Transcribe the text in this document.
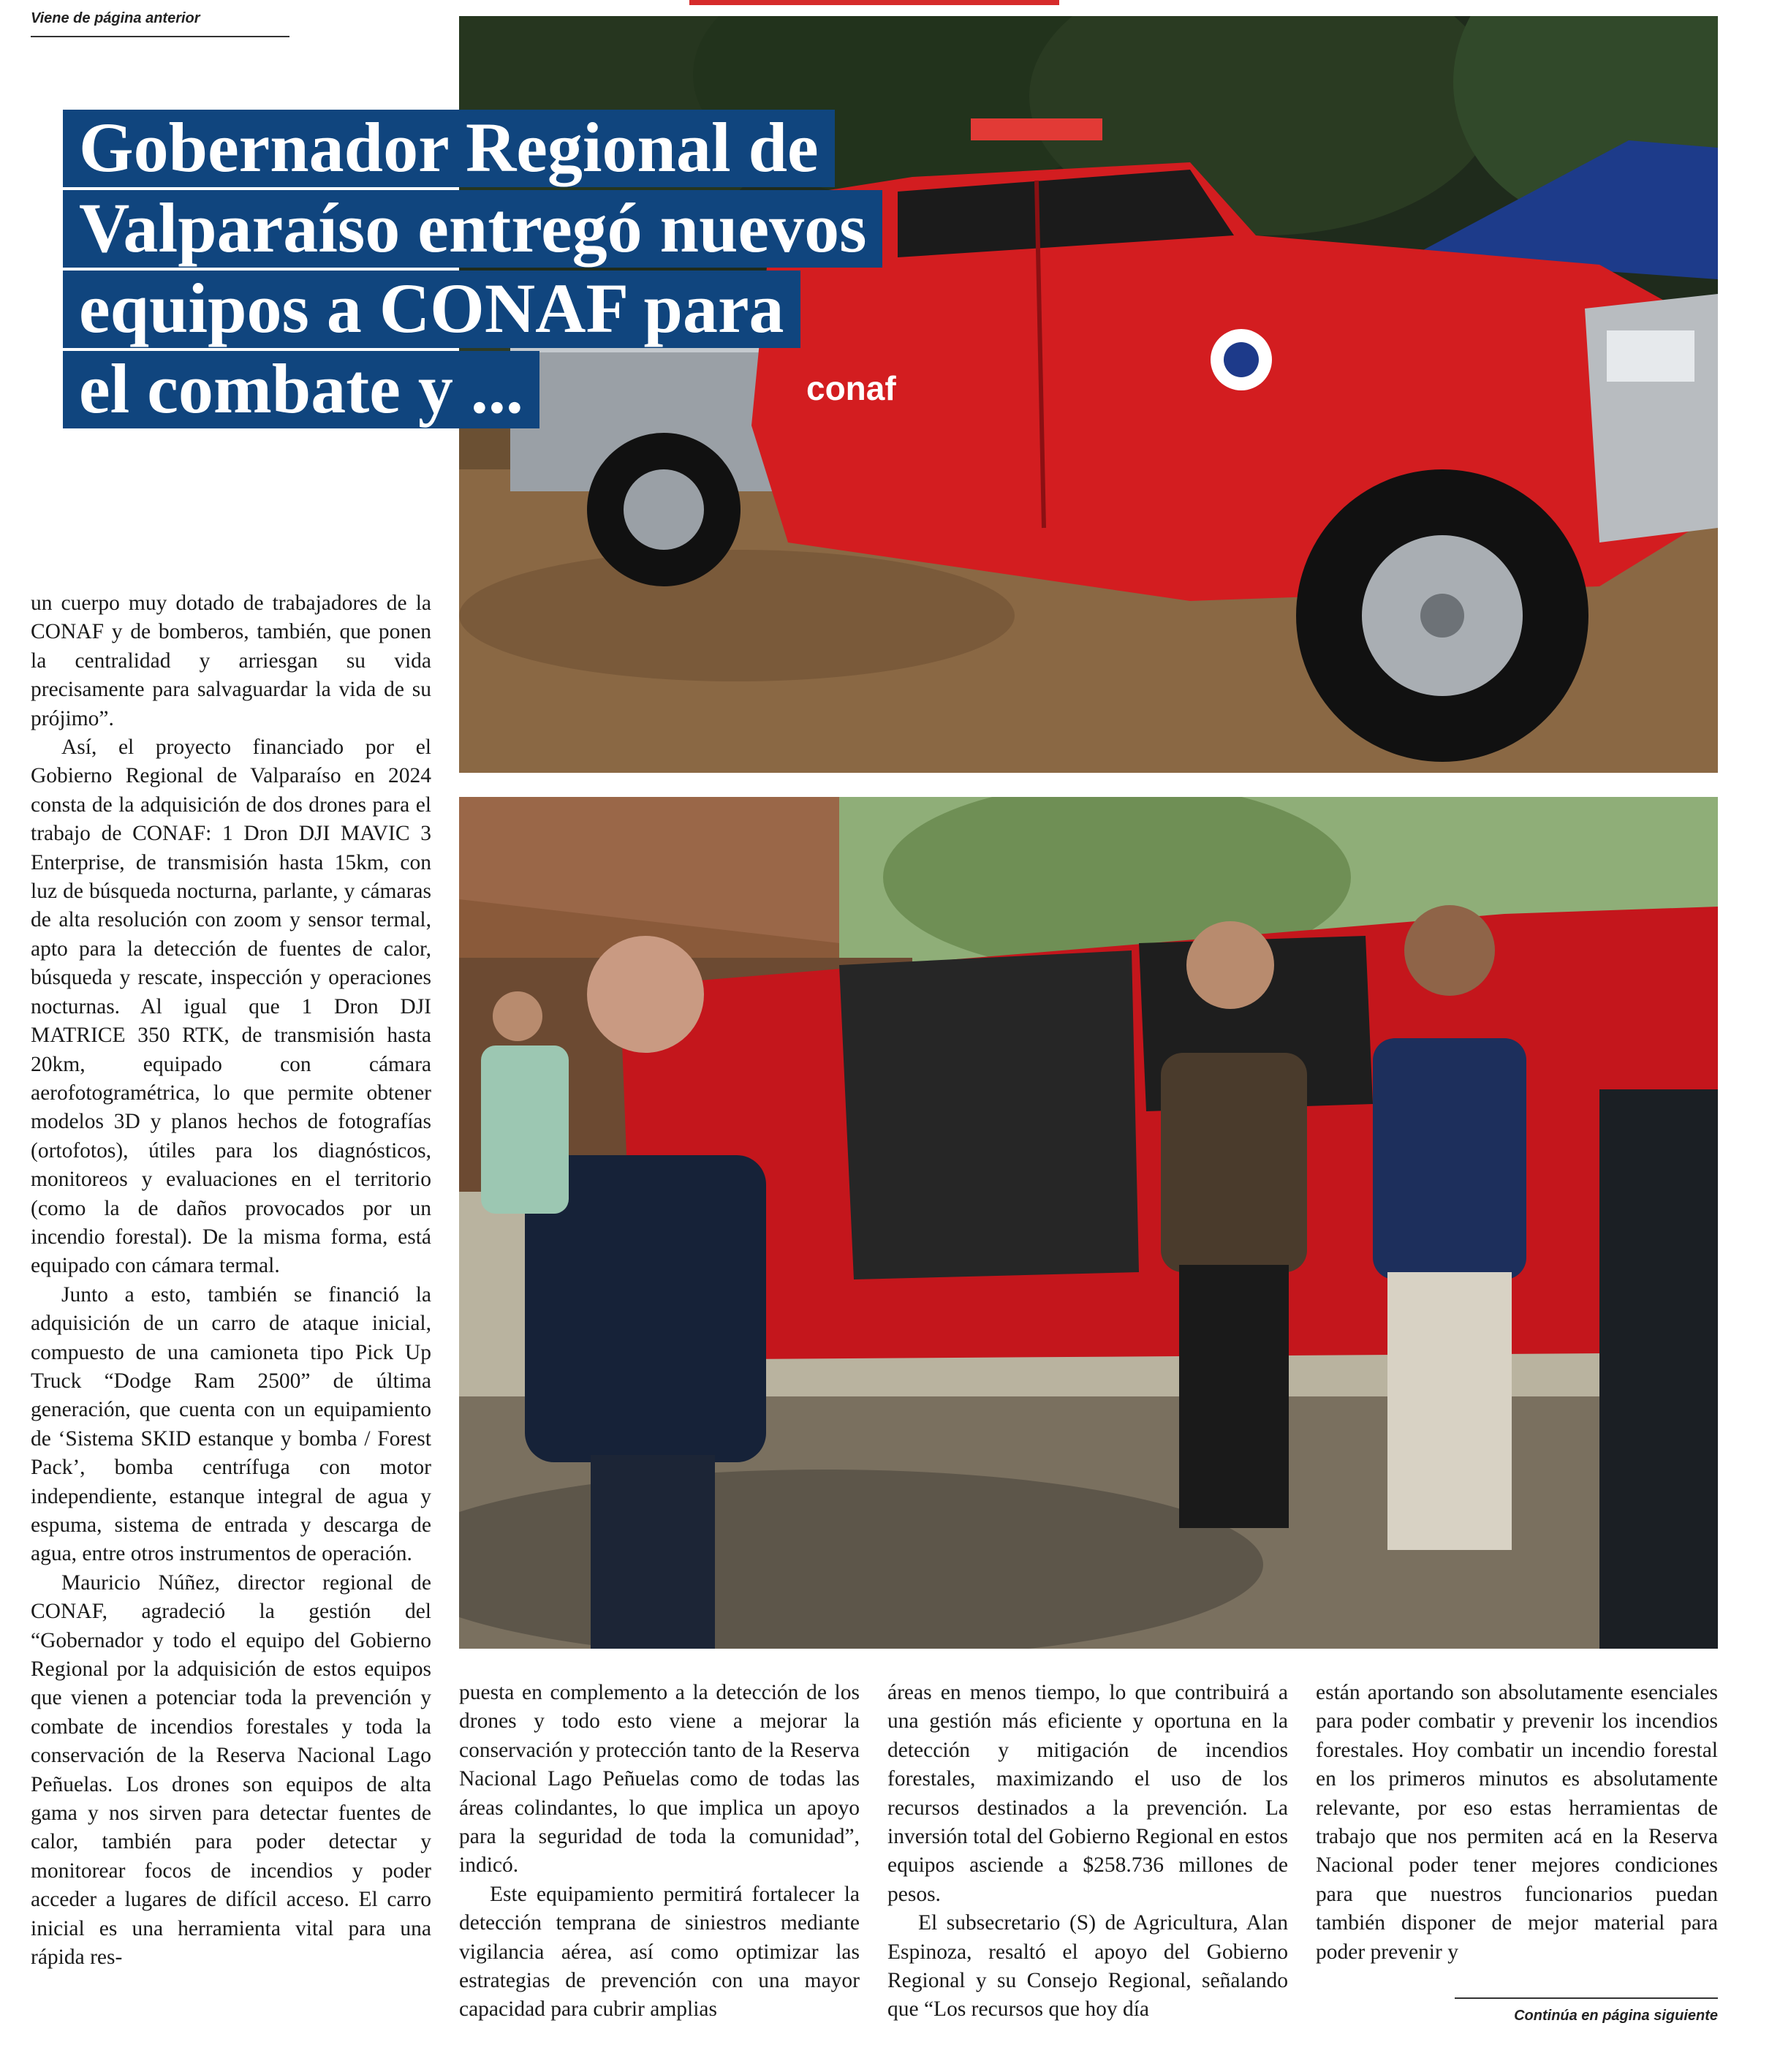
Viene de página anterior
conaf
Gobernador Regional de
Valparaíso entregó nuevos
equipos a CONAF para
el combate y ...

un cuerpo muy dotado de trabajadores de la CONAF y de bomberos, también, que ponen la centralidad y arriesgan su vida precisamente para salvaguardar la vida de su prójimo”.

Así, el proyecto financiado por el Gobierno Regional de Valparaíso en 2024 consta de la adquisición de dos drones para el trabajo de CONAF: 1 Dron DJI MAVIC 3 Enterprise, de transmisión hasta 15km, con luz de búsqueda nocturna, parlante, y cámaras de alta resolución con zoom y sensor termal, apto para la detección de fuentes de calor, búsqueda y rescate, inspección y operaciones nocturnas. Al igual que 1 Dron DJI MATRICE 350 RTK, de transmisión hasta 20km, equipado con cámara aerofotogramétrica, lo que permite obtener modelos 3D y planos hechos de fotografías (ortofotos), útiles para los diagnósticos, monitoreos y evaluaciones en el territorio (como la de daños provocados por un incendio forestal). De la misma forma, está equipado con cámara termal.

Junto a esto, también se financió la adquisición de un carro de ataque inicial, compuesto de una camioneta tipo Pick Up Truck “Dodge Ram 2500” de última generación, que cuenta con un equipamiento de ‘Sistema SKID estanque y bomba / Forest Pack’, bomba centrífuga con motor independiente, estanque integral de agua y espuma, sistema de entrada y descarga de agua, entre otros instrumentos de operación.

Mauricio Núñez, director regional de CONAF, agradeció la gestión del “Gobernador y todo el equipo del Gobierno Regional por la adquisición de estos equipos que vienen a potenciar toda la prevención y combate de incendios forestales y toda la conservación de la Reserva Nacional Lago Peñuelas. Los drones son equipos de alta gama y nos sirven para detectar fuentes de calor, también para poder detectar y monitorear focos de incendios y poder acceder a lugares de difícil acceso. El carro inicial es una herramienta vital para una rápida res-

puesta en complemento a la detección de los drones y todo esto viene a mejorar la conservación y protección tanto de la Reserva Nacional Lago Peñuelas como de todas las áreas colindantes, lo que implica un apoyo para la seguridad de toda la comunidad”, indicó.

Este equipamiento permitirá fortalecer la detección temprana de siniestros mediante vigilancia aérea, así como optimizar las estrategias de prevención con una mayor capacidad para cubrir amplias

áreas en menos tiempo, lo que contribuirá a una gestión más eficiente y oportuna en la detección y mitigación de incendios forestales, maximizando el uso de los recursos destinados a la prevención. La inversión total del Gobierno Regional en estos equipos asciende a $258.736 millones de pesos.

El subsecretario (S) de Agricultura, Alan Espinoza, resaltó el apoyo del Gobierno Regional y su Consejo Regional, señalando que “Los recursos que hoy día

están aportando son absolutamente esenciales para poder combatir y prevenir los incendios forestales. Hoy combatir un incendio forestal en los primeros minutos es absolutamente relevante, por eso estas herramientas de trabajo que nos permiten acá en la Reserva Nacional poder tener mejores condiciones para que nuestros funcionarios puedan también disponer de mejor material para poder prevenir y

Continúa en página siguiente
